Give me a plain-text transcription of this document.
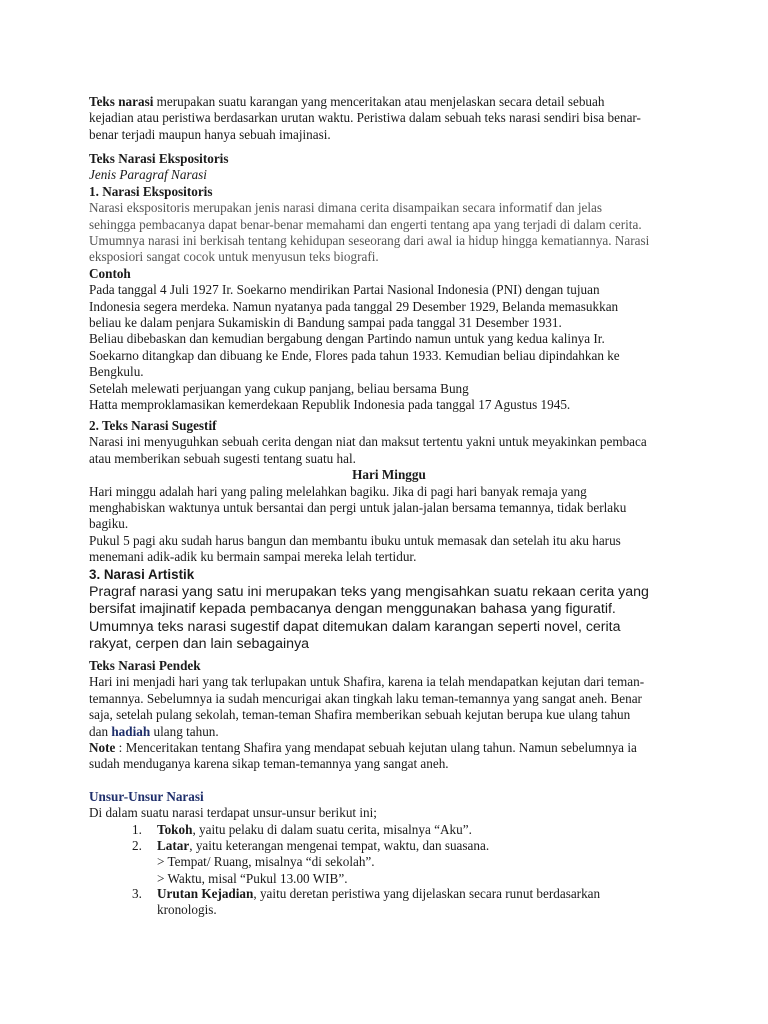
Teks narasi merupakan suatu karangan yang menceritakan atau menjelaskan secara detail sebuah
kejadian atau peristiwa berdasarkan urutan waktu. Peristiwa dalam sebuah teks narasi sendiri bisa benar-
benar terjadi maupun hanya sebuah imajinasi.
Teks Narasi Ekspositoris
Jenis Paragraf Narasi
1. Narasi Ekspositoris
Narasi ekspositoris merupakan jenis narasi dimana cerita disampaikan secara informatif dan jelas
sehingga pembacanya dapat benar-benar memahami dan engerti tentang apa yang terjadi di dalam cerita.
Umumnya narasi ini berkisah tentang kehidupan seseorang dari awal ia hidup hingga kematiannya. Narasi
eksposiori sangat cocok untuk menyusun teks biografi.
Contoh
Pada tanggal 4 Juli 1927 Ir. Soekarno mendirikan Partai Nasional Indonesia (PNI) dengan tujuan
Indonesia segera merdeka. Namun nyatanya pada tanggal 29 Desember 1929, Belanda memasukkan
beliau ke dalam penjara Sukamiskin di Bandung sampai pada tanggal 31 Desember 1931.
Beliau dibebaskan dan kemudian bergabung dengan Partindo namun untuk yang kedua kalinya Ir.
Soekarno ditangkap dan dibuang ke Ende, Flores pada tahun 1933. Kemudian beliau dipindahkan ke
Bengkulu.
Setelah melewati perjuangan yang cukup panjang, beliau bersama Bung
Hatta memproklamasikan kemerdekaan Republik Indonesia pada tanggal 17 Agustus 1945.
2. Teks Narasi Sugestif
Narasi ini menyuguhkan sebuah cerita dengan niat dan maksut tertentu yakni untuk meyakinkan pembaca
atau memberikan sebuah sugesti tentang suatu hal.
Hari Minggu
Hari minggu adalah hari yang paling melelahkan bagiku. Jika di pagi hari banyak remaja yang
menghabiskan waktunya untuk bersantai dan pergi untuk jalan-jalan bersama temannya, tidak berlaku
bagiku.
Pukul 5 pagi aku sudah harus bangun dan membantu ibuku untuk memasak dan setelah itu aku harus
menemani adik-adik ku bermain sampai mereka lelah tertidur.
3. Narasi Artistik
Pragraf narasi yang satu ini merupakan teks yang mengisahkan suatu rekaan cerita yang
bersifat imajinatif kepada pembacanya dengan menggunakan bahasa yang figuratif.
Umumnya teks narasi sugestif dapat ditemukan dalam karangan seperti novel, cerita
rakyat, cerpen dan lain sebagainya
Teks Narasi Pendek
Hari ini menjadi hari yang tak terlupakan untuk Shafira, karena ia telah mendapatkan kejutan dari teman-
temannya. Sebelumnya ia sudah mencurigai akan tingkah laku teman-temannya yang sangat aneh. Benar
saja, setelah pulang sekolah, teman-teman Shafira memberikan sebuah kejutan berupa kue ulang tahun
dan hadiah ulang tahun.
Note : Menceritakan tentang Shafira yang mendapat sebuah kejutan ulang tahun. Namun sebelumnya ia
sudah menduganya karena sikap teman-temannya yang sangat aneh.
Unsur-Unsur Narasi
Di dalam suatu narasi terdapat unsur-unsur berikut ini;
1. Tokoh, yaitu pelaku di dalam suatu cerita, misalnya “Aku”.
2. Latar, yaitu keterangan mengenai tempat, waktu, dan suasana.
> Tempat/ Ruang, misalnya “di sekolah”.
> Waktu, misal “Pukul 13.00 WIB”.
3. Urutan Kejadian, yaitu deretan peristiwa yang dijelaskan secara runut berdasarkan
kronologis.
